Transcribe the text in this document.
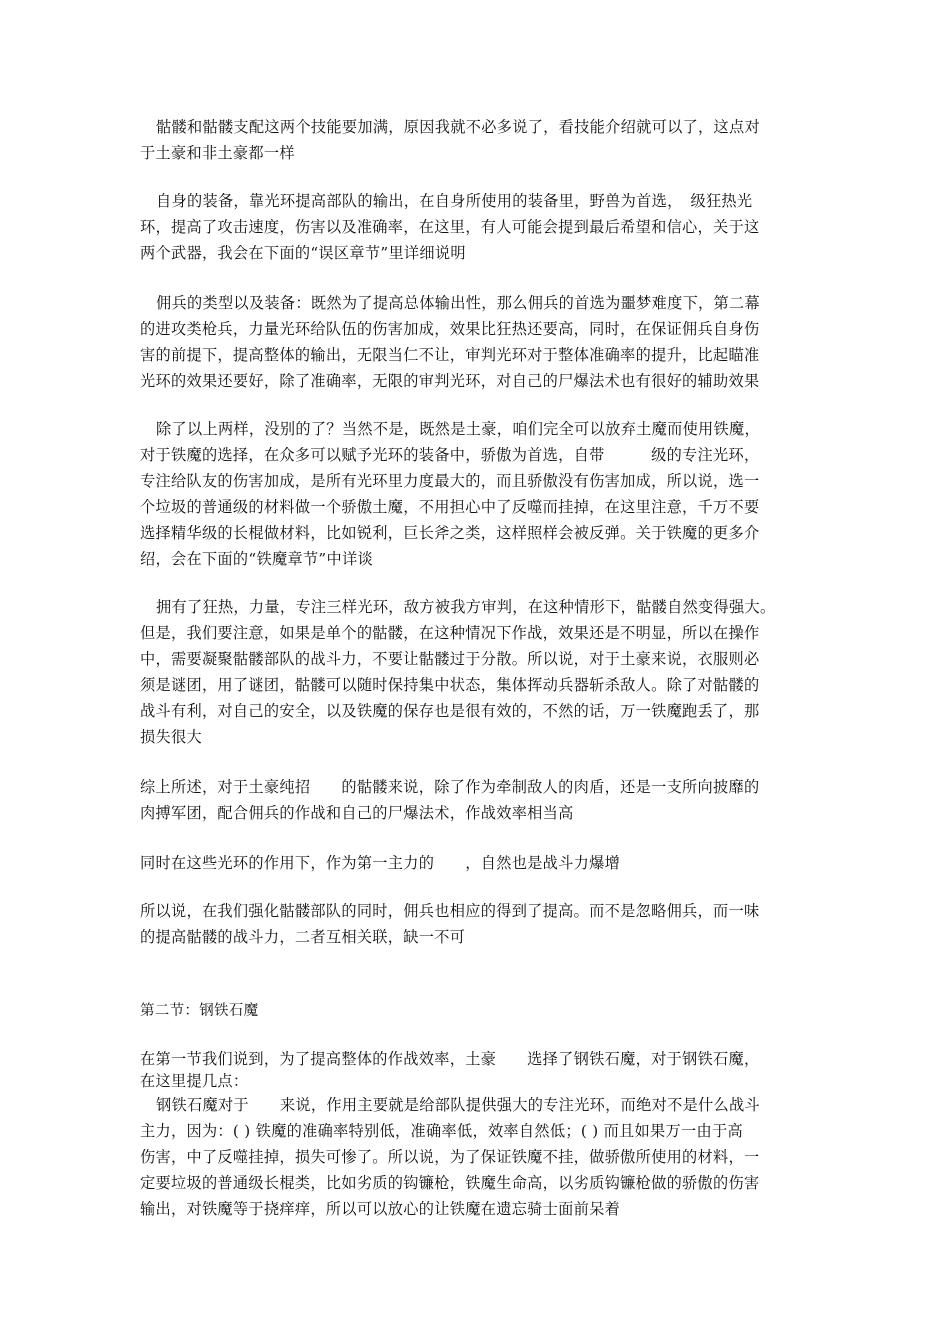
骷髅和骷髅支配这两个技能要加满，原因我就不必多说了，看技能介绍就可以了，这点对
于土豪和非土豪都一样
自身的装备，靠光环提高部队的输出，在自身所使用的装备里，野兽为首选，　级狂热光
环，提高了攻击速度，伤害以及准确率，在这里，有人可能会提到最后希望和信心，关于这
两个武器，我会在下面的“误区章节”里详细说明
佣兵的类型以及装备：既然为了提高总体输出性，那么佣兵的首选为噩梦难度下，第二幕
的进攻类枪兵，力量光环给队伍的伤害加成，效果比狂热还要高，同时，在保证佣兵自身伤
害的前提下，提高整体的输出，无限当仁不让，审判光环对于整体准确率的提升，比起瞄准
光环的效果还要好，除了准确率，无限的审判光环，对自己的尸爆法术也有很好的辅助效果
除了以上两样，没别的了？当然不是，既然是土豪，咱们完全可以放弃土魔而使用铁魔，
对于铁魔的选择，在众多可以赋予光环的装备中，骄傲为首选，自带　　　级的专注光环，
专注给队友的伤害加成，是所有光环里力度最大的，而且骄傲没有伤害加成，所以说，选一
个垃圾的普通级的材料做一个骄傲土魔，不用担心中了反噬而挂掉，在这里注意，千万不要
选择精华级的长棍做材料，比如锐利，巨长斧之类，这样照样会被反弹。关于铁魔的更多介
绍，会在下面的“铁魔章节”中详谈
拥有了狂热，力量，专注三样光环，敌方被我方审判，在这种情形下，骷髅自然变得强大。
但是，我们要注意，如果是单个的骷髅，在这种情况下作战，效果还是不明显，所以在操作
中，需要凝聚骷髅部队的战斗力，不要让骷髅过于分散。所以说，对于土豪来说，衣服则必
须是谜团，用了谜团，骷髅可以随时保持集中状态，集体挥动兵器斩杀敌人。除了对骷髅的
战斗有利，对自己的安全，以及铁魔的保存也是很有效的，不然的话，万一铁魔跑丢了，那
损失很大
综上所述，对于土豪纯招　　的骷髅来说，除了作为牵制敌人的肉盾，还是一支所向披靡的
肉搏军团，配合佣兵的作战和自己的尸爆法术，作战效率相当高
同时在这些光环的作用下，作为第一主力的　　，自然也是战斗力爆增
所以说，在我们强化骷髅部队的同时，佣兵也相应的得到了提高。而不是忽略佣兵，而一味
的提高骷髅的战斗力，二者互相关联，缺一不可
第二节：钢铁石魔
在第一节我们说到，为了提高整体的作战效率，土豪　　选择了钢铁石魔，对于钢铁石魔，
在这里提几点：
钢铁石魔对于　　来说，作用主要就是给部队提供强大的专注光环，而绝对不是什么战斗
主力，因为：( ) 铁魔的准确率特别低，准确率低，效率自然低；( ) 而且如果万一由于高
伤害，中了反噬挂掉，损失可惨了。所以说，为了保证铁魔不挂，做骄傲所使用的材料，一
定要垃圾的普通级长棍类，比如劣质的钩镰枪，铁魔生命高，以劣质钩镰枪做的骄傲的伤害
输出，对铁魔等于挠痒痒，所以可以放心的让铁魔在遗忘骑士面前呆着
